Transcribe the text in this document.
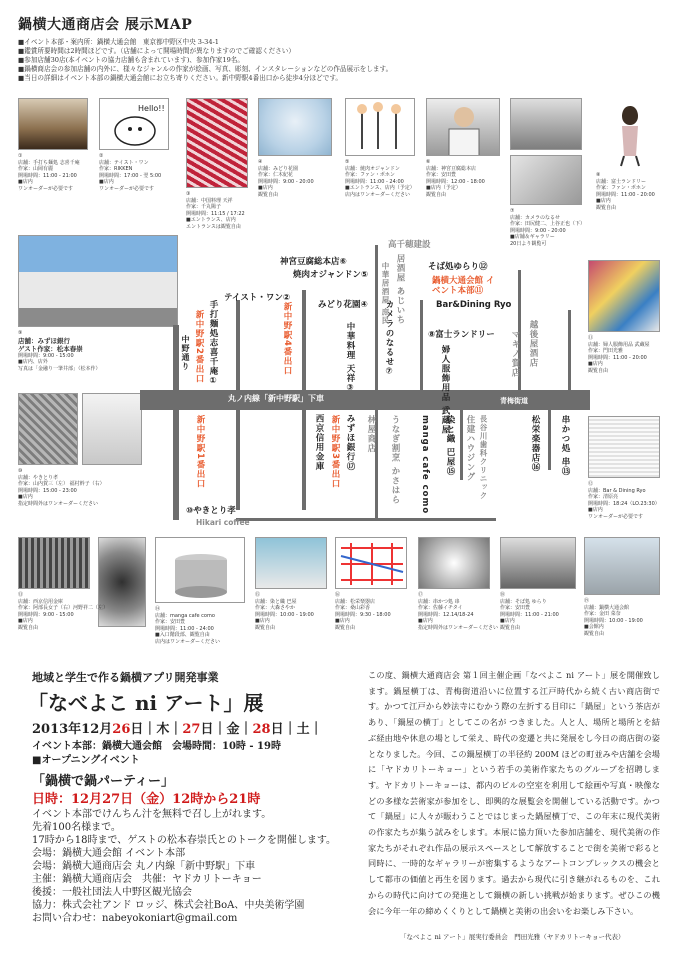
鍋横大通商店会 展示MAP
■イベント本部・案内所：鍋横大通会館　東京都中野区中央 3-34-1
■鑑賞所要時間は2時間ほどです。（店舗によって開場時間が異なりますのでご確認ください）
■参加店舗30店(本イベントの協力店舗も含まれています)、参加作家19名。
■鍋横商店会の参加店舗の内外に、様々なジャンルの作家が絵画、写真、彫刻、インスタレーションなどの作品展示をします。
■当日の詳細はイベント本部の鍋横大通会館にお立ち寄りください。新中野駅4番出口から徒歩4分ほどです。
Hello!!
①
店舗：手打ち麺処 志喜千庵
作家：山岡有麗
開場時間：11:00 - 21:00
■店内
ワンオーダーが必要です
②
店舗：テイスト・ワン
作家：RIKKEN
開場時間：17:00 - 翌 5:00
■店内
ワンオーダーが必要です
③
店舗：中国料理 天祥
作家：千丸陽子
開場時間：11:15 / 17:22
■エントランス、店内
エントランスは観覧自由
④
店舗：みどり花園
作家：仁木紀花
開場時間：9:00 - 20:00
■店内
観覧自由
⑤
店舗：焼肉オジャンドン
作家：ファン・ボホン
開場時間：11:00 - 24:00
■エントランス、店内（予定）
店内はワンオーダーください
⑥
店舗：神宮豆腐総本店
作家：安田豊
開場時間：12:00 - 18:00
■店内（予定）
観覧自由
⑦
店舗：カメラのなるせ
作家：田尻健二、上谷正也（下）
開場時間：9:00 - 20:00
■店舗＆ギャラリー
20日より観覧可
⑧
店舗：富士ランドリー
作家：ファン・ボホン
開場時間：11:00 - 20:00
■店内
観覧自由
⑨
店舗：みずほ銀行
ゲスト作家：松本春崇
開場時間：9:00 - 15:00
■店内、店外
写真は「金融り一筆井部」（松本作）
⑩
店舗：やきとり孝
作家：山内賀三（左） 福村幹子（右）
開場時間：15:00 - 23:00
■店内
指定時間外はワンオーダーください
⑪
店舗：婦人服飾用品 武蔵屋
作家：門田光雅
開場時間：11:00 - 20:00
■店内
観覧自由
⑫
店舗：Bar & Dining Ryo
作家：清原亮
開場時間：18:24（LO.23:30）
■店内
ワンオーダーが必要です
丸ノ内線「新中野駅」下車	青梅街道
中野通り
神宮豆腐総本店⑥
焼肉オジャンドン⑤
みどり花園④
テイスト・ワン②
手打麺処志喜千庵①
新中野駅2番出口	新中野駅4番出口	中華料理 天祥③	カメラのなるせ⑦
高千穂建設
居酒屋 あじいち
中華居酒屋 庶民	そば処ゆらり⑫
鍋横大通会館 イベント本部⑪
Bar&Dining Ryo
⑧富士ランドリー
婦人服飾用品 武蔵屋	マキノ質店 越後屋酒店
新中野駅1番出口	新中野駅3番出口
西京信用金庫 みずほ銀行⑰ 林屋商店 うなぎ割烹 かさはら manga cafe como 染と織 巴屋⑮ 住建ハウジング 長谷川歯科クリニック	松栄楽器店⑯ 串かつ処 串⑬
⑩やきとり孝
Hikari coffee
⑬
店舗：西京信用金庫
作家：阿部長女子（右）河野祥二（左）
開場時間：9:00 - 15:00
■店内
観覧自由
⑭
店舗：manga cafe como
作家：安田豊
開場時間：11:00 - 24:00
■入口階段部、観覧自由
店内はワンオーダーください
⑮
店舗：染と織 巴屋
作家：大森さやか
開場時間：10:00 - 19:00
■店内
観覧自由
⑯
店舗：松栄楽器店
作家：桑山彩香
開場時間：9:30 - 18:00
■店内
観覧自由
⑰
店舗：串かつ処 串
作家：佐藤イチタイ
開場時間：12.14/18-24
■店内
指定時間外はワンオーダーください
⑱
店舗：そば処 ゆらり
作家：安田豊
開場時間：11:00 - 21:00
■店内
観覧自由
⑲
店舗：鍋横大通会館
作家：金田 菜奈
開場時間：10:00 - 19:00
■会館内
観覧自由
地域と学生で作る鍋横アプリ開発事業
「なべよこ ni アート」展
2013年12月26日｜木｜27日｜金｜28日｜土｜
イベント本部：鍋横大通会館　会場時間：10時 - 19時
■オープニングイベント
「鍋横で鍋パーティー」
日時：12月27日（金）12時から21時
イベント本部でけんちん汁を無料で召し上がれます。
先着100名様まで。
17時から18時まで、ゲストの松本春崇氏とのトークを開催します。
会場：鍋横大通会館 イベント本部
会場：鍋横大通商店会 丸ノ内線「新中野駅」下車
主催：鍋横大通商店会　共催：ヤドカリトーキョー
後援：一般社団法人中野区観光協会
協力：株式会社アンド ロッジ、株式会社BoA、中央美術学園
お問い合わせ：nabeyokoniart@gmail.com
この度、鍋横大通商店会 第１回主催企画「なべよこ ni アート」展を開催致します。鍋屋横丁は、青梅街道沿いに位置する江戸時代から続く古い商店街です。かつて江戸から妙法寺にむかう際の左折する目印に「鍋屋」という茶店があり、「鍋屋の横丁」としてこの名が つきました。人と人、場所と場所とを結ぶ経由地や休息の場として栄え、時代の変遷と共に発展をし今日の商店街の姿となりました。今回、この鍋屋横丁の半径約 200M ほどの町並みや店舗を会場に「ヤドカリトーキョー」という若手の美術作家たちのグループを招聘します。ヤドカリトーキョーは、都内のビルの空室を利用して絵画や写真・映像などの多様な芸術家が参加をし、即興的な展覧会を開催している活動です。かつて「鍋屋」に人々が賑わうことではじまった鍋屋横丁で、この年末に現代美術の作家たちが集う試みをします。本展に協力頂いた参加店舗を、現代美術の作家たちがそれぞれ作品の展示スペースとして解放することで街を美術で彩ると同時に、一時的なギャラリーが密集するようなアートコンプレックスの機会として都市の価値と再生を図ります。過去から現代に引き継がれるものを、これからの時代に向けての発進として鍋横の新しい挑戦が始まります。ぜひこの機会に今年一年の締めくくりとして鍋横と美術の出会いをお楽しみ下さい。
「なべよこ ni アート」展実行委員会　門田光雅（ヤドカリトーキョー代表）
